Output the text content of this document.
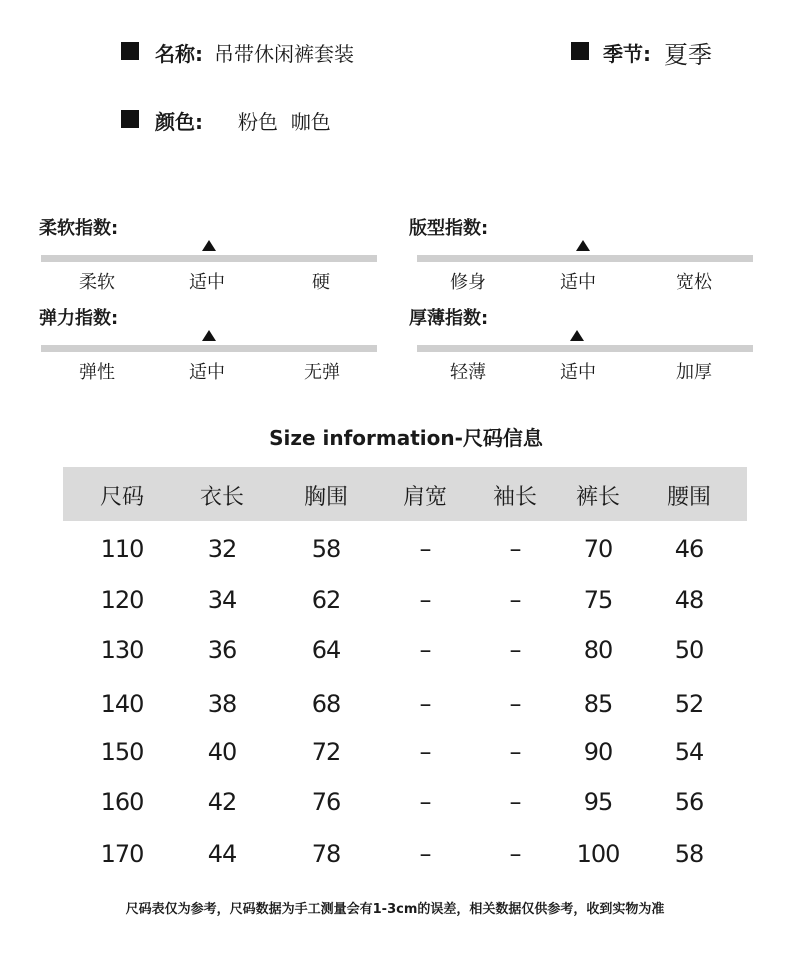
名称: 吊带休闲裤套装	季节: 夏季
颜色: 粉色  咖色
柔软指数:
柔软	适中	硬
版型指数:
修身	适中	宽松
弹力指数:
弹性	适中	无弹
厚薄指数:
轻薄	适中	加厚
Size information-尺码信息
尺码	衣长	胸围	肩宽	袖长	裤长	腰围
110	32	58	–	–	70	46
120	34	62	–	–	75	48
130	36	64	–	–	80	50
140	38	68	–	–	85	52
150	40	72	–	–	90	54
160	42	76	–	–	95	56
170	44	78	–	–	100	58
尺码表仅为参考，尺码数据为手工测量会有1-3cm的误差，相关数据仅供参考，收到实物为准
